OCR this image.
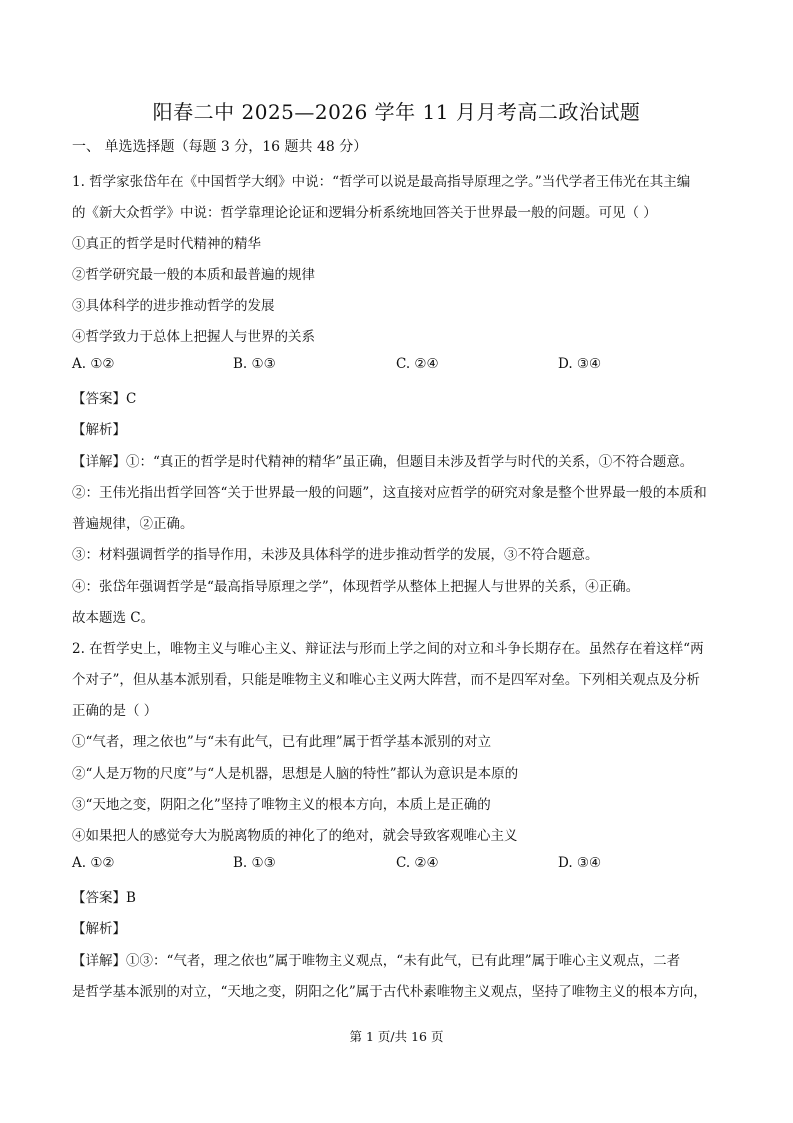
阳春二中 2025—2026 学年 11 月月考高二政治试题
一、 单选选择题（每题 3 分，16 题共 48 分）
1. 哲学家张岱年在《中国哲学大纲》中说：“哲学可以说是最高指导原理之学。”当代学者王伟光在其主编
的《新大众哲学》中说：哲学靠理论论证和逻辑分析系统地回答关于世界最一般的问题。可见（ ）
①真正的哲学是时代精神的精华
②哲学研究最一般的本质和最普遍的规律
③具体科学的进步推动哲学的发展
④哲学致力于总体上把握人与世界的关系
A. ①②	B. ①③	C. ②④	D. ③④
【答案】C
【解析】
【详解】①：“真正的哲学是时代精神的精华”虽正确，但题目未涉及哲学与时代的关系，①不符合题意。
②：王伟光指出哲学回答“关于世界最一般的问题”，这直接对应哲学的研究对象是整个世界最一般的本质和
普遍规律，②正确。
③：材料强调哲学的指导作用，未涉及具体科学的进步推动哲学的发展，③不符合题意。
④：张岱年强调哲学是“最高指导原理之学”，体现哲学从整体上把握人与世界的关系，④正确。
故本题选 C。
2. 在哲学史上，唯物主义与唯心主义、辩证法与形而上学之间的对立和斗争长期存在。虽然存在着这样“两
个对子”，但从基本派别看，只能是唯物主义和唯心主义两大阵营，而不是四军对垒。下列相关观点及分析
正确的是（ ）
①“气者，理之依也”与“未有此气，已有此理”属于哲学基本派别的对立
②“人是万物的尺度”与“人是机器，思想是人脑的特性”都认为意识是本原的
③“天地之变，阴阳之化”坚持了唯物主义的根本方向，本质上是正确的
④如果把人的感觉夸大为脱离物质的神化了的绝对，就会导致客观唯心主义
A. ①②	B. ①③	C. ②④	D. ③④
【答案】B
【解析】
【详解】①③：“气者，理之依也”属于唯物主义观点，“未有此气，已有此理”属于唯心主义观点，二者
是哲学基本派别的对立，“天地之变，阴阳之化”属于古代朴素唯物主义观点，坚持了唯物主义的根本方向，
第 1 页/共 16 页
